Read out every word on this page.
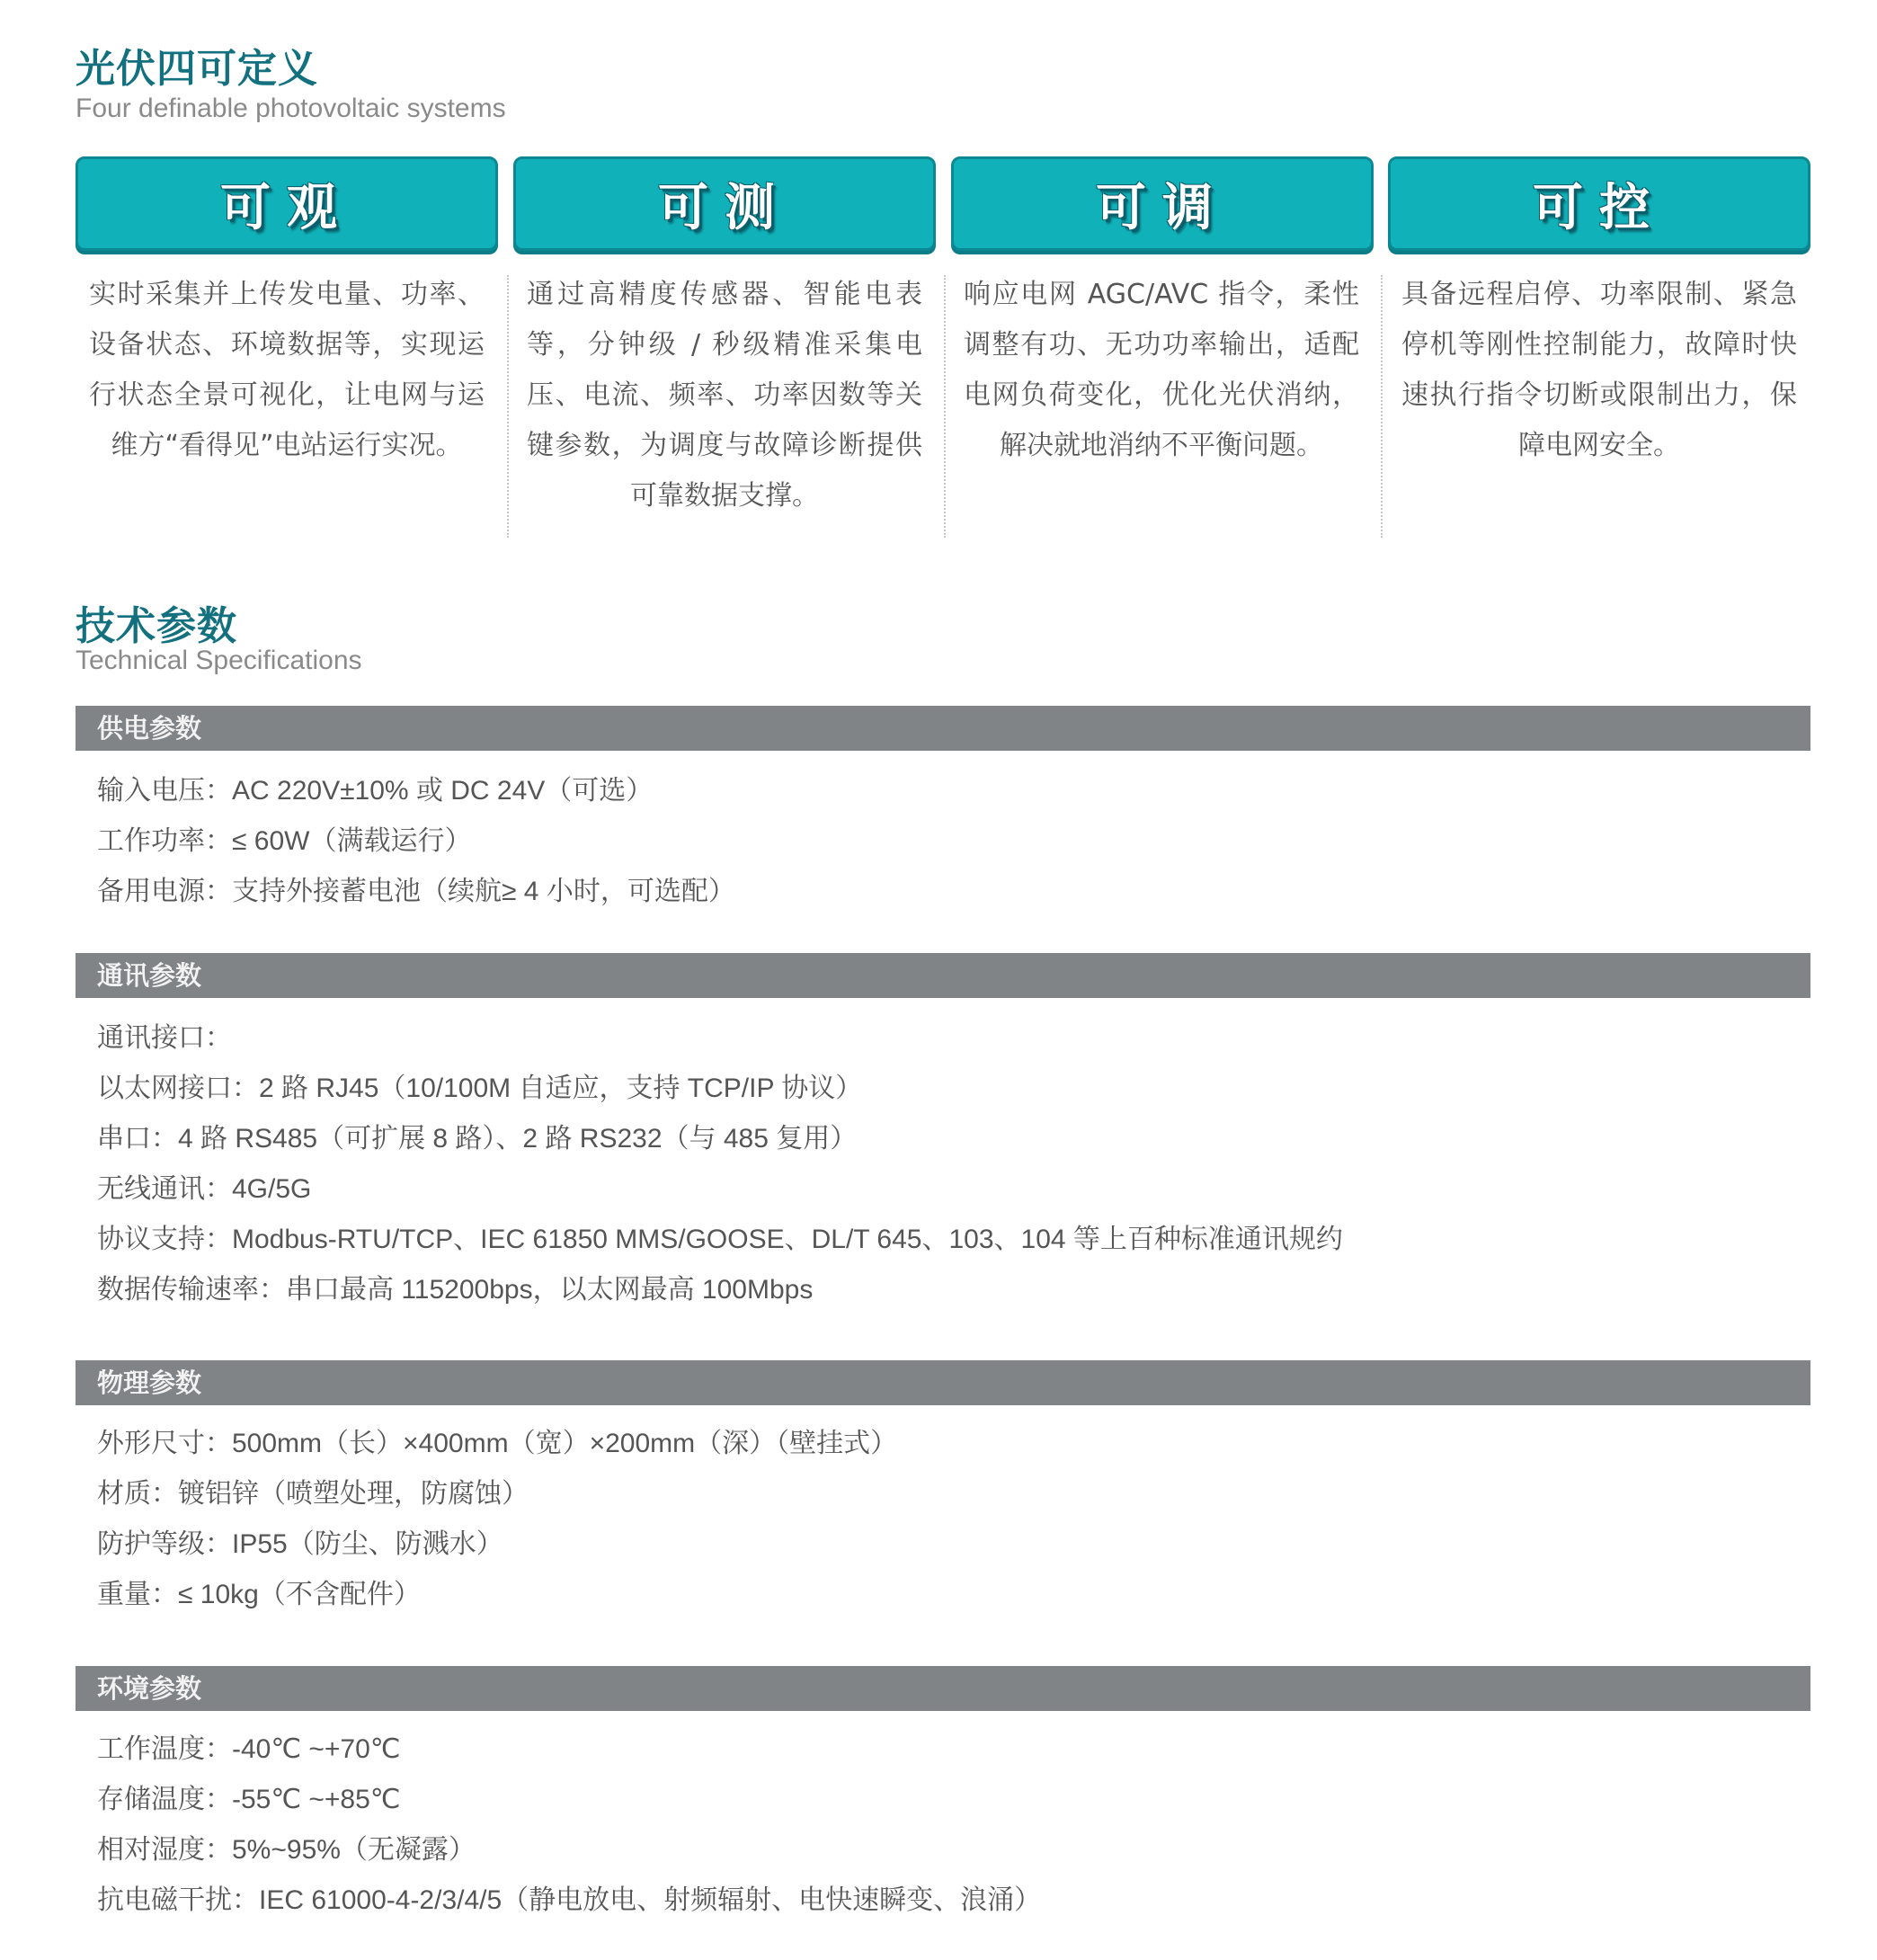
光伏四可定义
Four definable photovoltaic systems
可观	可测	可调	可控
实时采集并上传发电量、功率、设备状态、环境数据等，实现运行状态全景可视化，让电网与运维方“看得见”电站运行实况。
通过高精度传感器、智能电表等，分钟级 / 秒级精准采集电压、电流、频率、功率因数等关键参数，为调度与故障诊断提供可靠数据支撑。
响应电网 AGC/AVC 指令，柔性调整有功、无功功率输出，适配电网负荷变化，优化光伏消纳，解决就地消纳不平衡问题。
具备远程启停、功率限制、紧急停机等刚性控制能力，故障时快速执行指令切断或限制出力，保障电网安全。
技术参数
Technical Specifications
供电参数
输入电压：AC 220V±10% 或 DC 24V（可选）
工作功率：≤ 60W（满载运行）
备用电源：支持外接蓄电池（续航≥ 4 小时，可选配）
通讯参数
通讯接口：
以太网接口：2 路 RJ45（10/100M 自适应，支持 TCP/IP 协议）
串口：4 路 RS485（可扩展 8 路）、2 路 RS232（与 485 复用）
无线通讯：4G/5G
协议支持：Modbus-RTU/TCP、IEC 61850 MMS/GOOSE、DL/T 645、103、104 等上百种标准通讯规约
数据传输速率：串口最高 115200bps，以太网最高 100Mbps
物理参数
外形尺寸：500mm（长）×400mm（宽）×200mm（深）（壁挂式）
材质：镀铝锌（喷塑处理，防腐蚀）
防护等级：IP55（防尘、防溅水）
重量：≤ 10kg（不含配件）
环境参数
工作温度：-40℃ ~+70℃
存储温度：-55℃ ~+85℃
相对湿度：5%~95%（无凝露）
抗电磁干扰：IEC 61000-4-2/3/4/5（静电放电、射频辐射、电快速瞬变、浪涌）
